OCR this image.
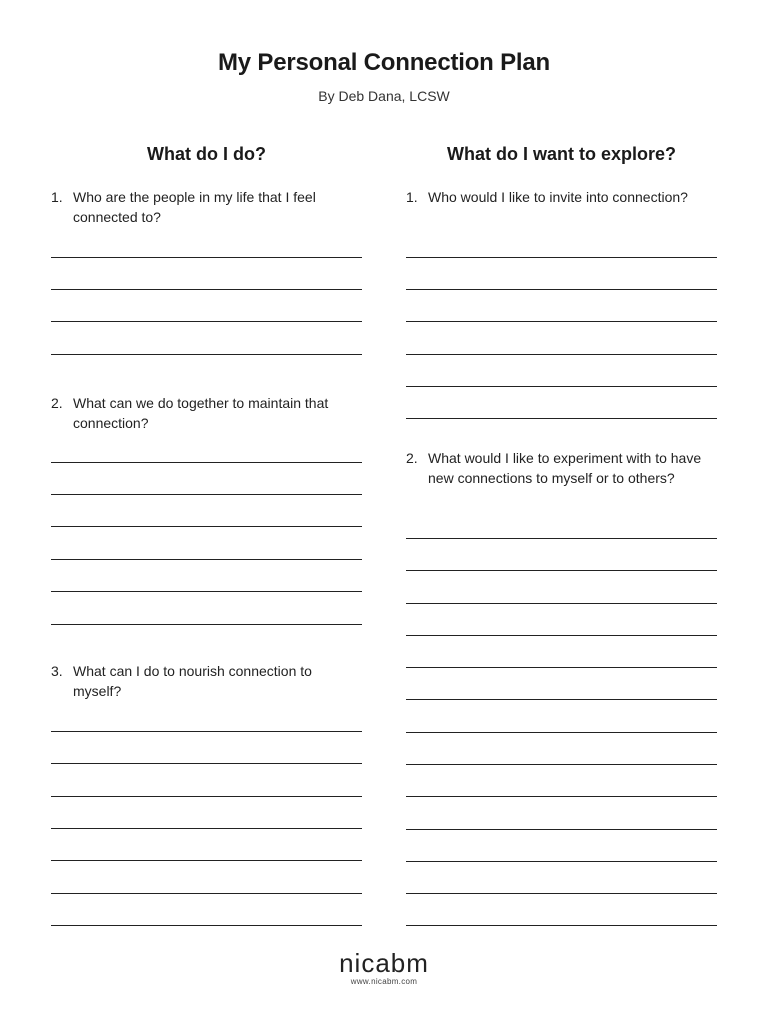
My Personal Connection Plan
By Deb Dana, LCSW
What do I do?	What do I want to explore?
1. Who are the people in my life that I feel connected to?
2. What can we do together to maintain that connection?
3. What can I do to nourish connection to myself?
1. Who would I like to invite into connection?
2. What would I like to experiment with to have new connections to myself or to others?
nicabm
www.nicabm.com
